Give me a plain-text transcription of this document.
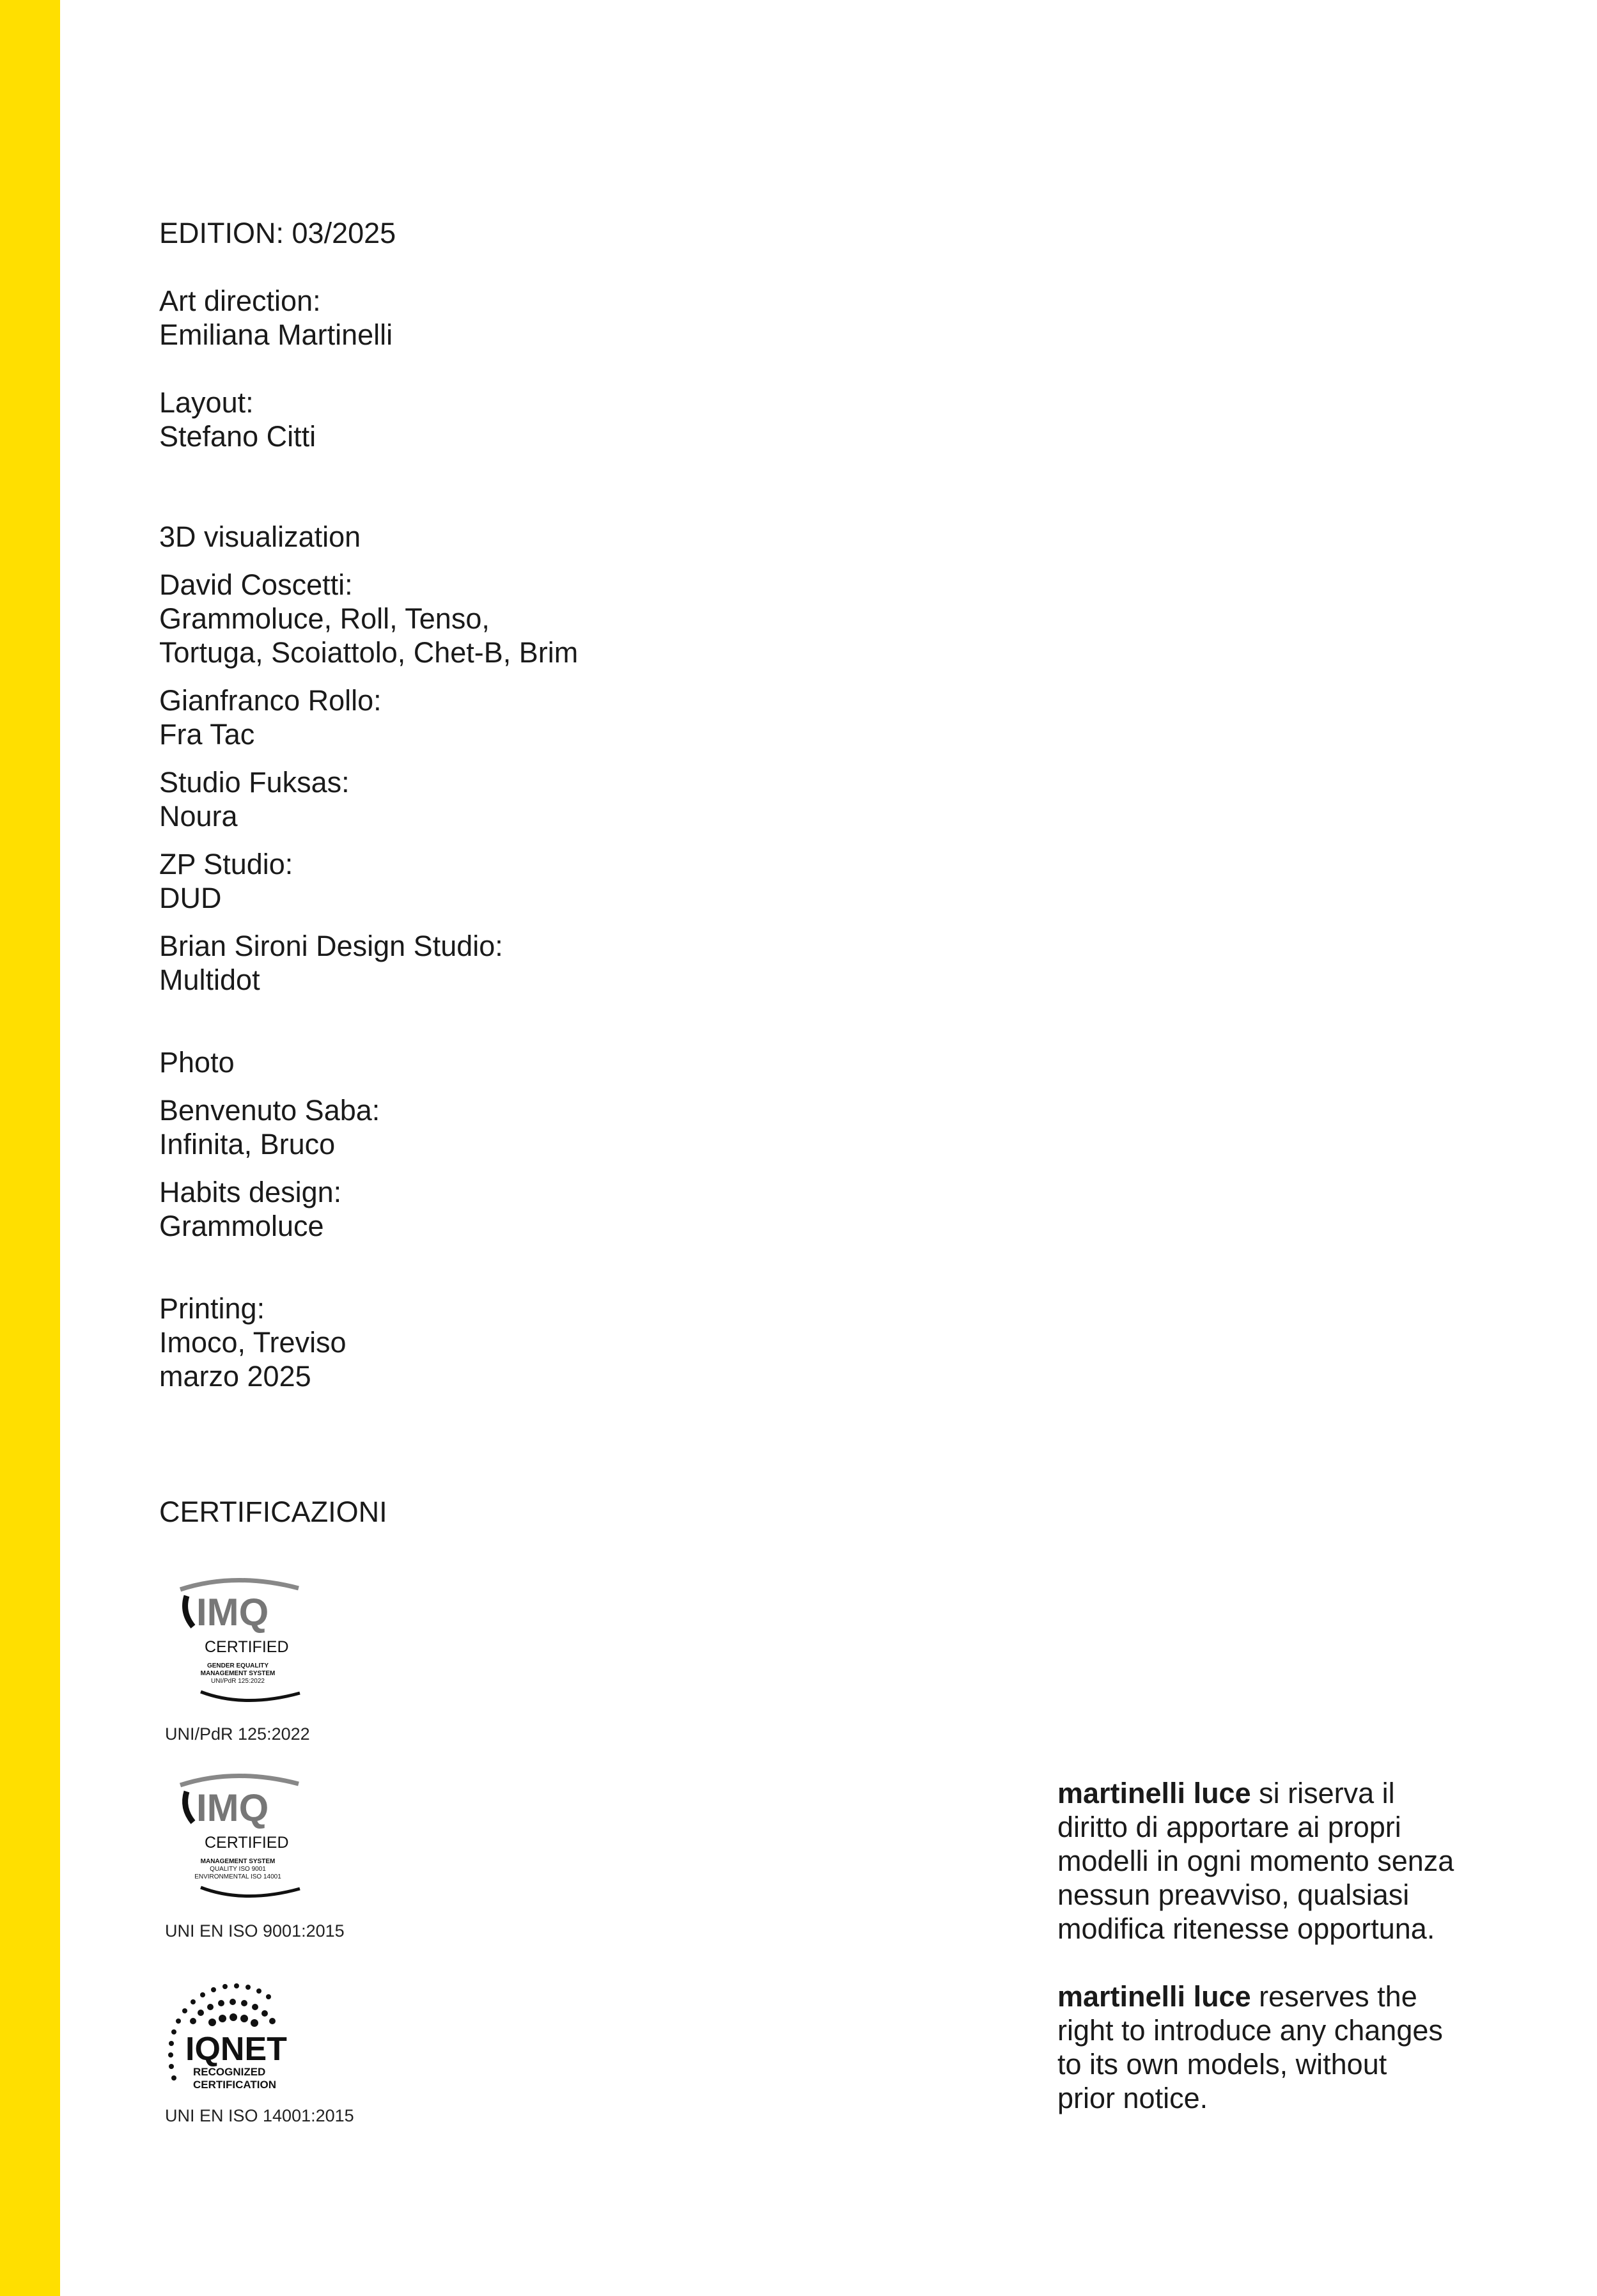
EDITION: 03/2025

Art direction:
Emiliana Martinelli

Layout:
Stefano Citti

3D visualization

David Coscetti:
Grammoluce, Roll, Tenso,
Tortuga, Scoiattolo, Chet-B, Brim

Gianfranco Rollo:
Fra Tac

Studio Fuksas:
Noura

ZP Studio:
DUD

Brian Sironi Design Studio:
Multidot

Photo

Benvenuto Saba:
Infinita, Bruco

Habits design:
Grammoluce

Printing:
Imoco, Treviso
marzo 2025

CERTIFICAZIONI
IMQ
CERTIFIED
GENDER EQUALITY
MANAGEMENT SYSTEM
UNI/PdR 125:2022
UNI/PdR 125:2022
IMQ
CERTIFIED
MANAGEMENT SYSTEM
QUALITY ISO 9001
ENVIRONMENTAL ISO 14001
UNI EN ISO 9001:2015
IQNET
RECOGNIZED
CERTIFICATION
UNI EN ISO 14001:2015
martinelli luce si riserva il
diritto di apportare ai propri
modelli in ogni momento senza
nessun preavviso, qualsiasi
modifica ritenesse opportuna.
martinelli luce reserves the
right to introduce any changes
to its own models, without
prior notice.
